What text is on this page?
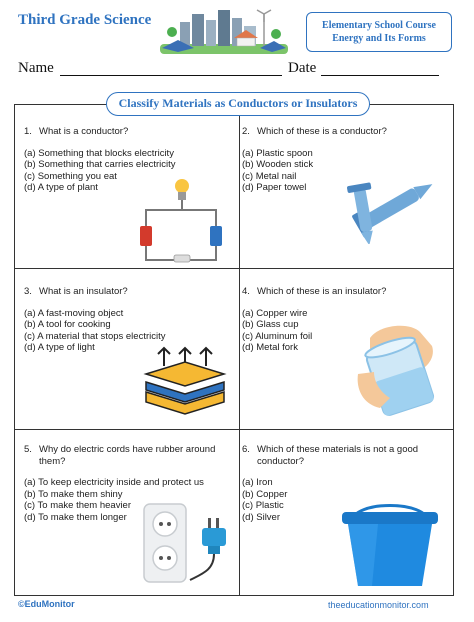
Third Grade Science	Elementary School Course
Energy and Its Forms
Name	Date
Classify Materials as Conductors or Insulators
1. What is a conductor?
(a) Something that blocks electricity
(b) Something that carries electricity
(c) Something you eat
(d) A type of plant
2. Which of these is a conductor?
(a) Plastic spoon
(b) Wooden stick
(c) Metal nail
(d) Paper towel
3. What is an insulator?
(a) A fast-moving object
(b) A tool for cooking
(c) A material that stops electricity
(d) A type of light
4. Which of these is an insulator?
(a) Copper wire
(b) Glass cup
(c) Aluminum foil
(d) Metal fork
5. Why do electric cords have rubber around them?
(a) To keep electricity inside and protect us
(b) To make them shiny
(c) To make them heavier
(d) To make them longer
6. Which of these materials is not a good conductor?
(a) Iron
(b) Copper
(c) Plastic
(d) Silver
©EduMonitor	theeducationmonitor.com
